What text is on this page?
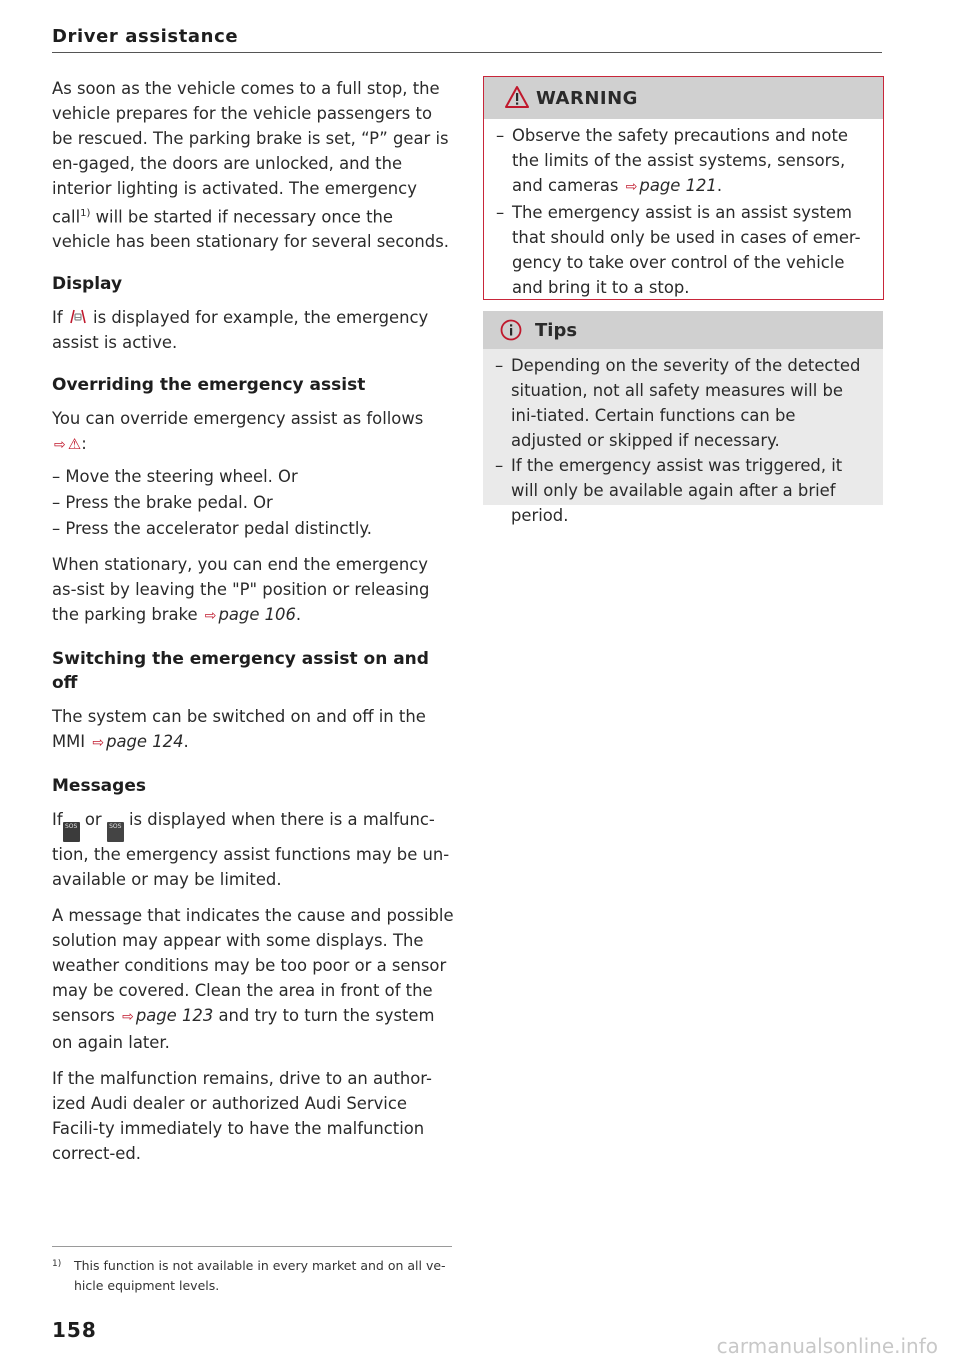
Driver assistance

As soon as the vehicle comes to a full stop, the vehicle prepares for the vehicle passengers to be rescued. The parking brake is set, “P” gear is en-gaged, the doors are unlocked, and the interior lighting is activated. The emergency call$^{1)}$ will be started if necessary once the vehicle has been stationary for several seconds.

Display

If  is displayed for example, the emergency assist is active.

Overriding the emergency assist

You can override emergency assist as follows
⇨ ⚠:

– Move the steering wheel. Or
– Press the brake pedal. Or
– Press the accelerator pedal distinctly.

When stationary, you can end the emergency as-sist by leaving the "P" position or releasing the parking brake ⇨ page 106.

Switching the emergency assist on and off

The system can be switched on and off in the MMI ⇨ page 124.

Messages

If SOS or SOS is displayed when there is a malfunc-tion, the emergency assist functions may be un-available or may be limited.

A message that indicates the cause and possible solution may appear with some displays. The weather conditions may be too poor or a sensor may be covered. Clean the area in front of the sensors ⇨ page 123 and try to turn the system on again later.

If the malfunction remains, drive to an author-ized Audi dealer or authorized Audi Service Facili-ty immediately to have the malfunction correct-ed.

1)	This function is not available in every market and on all ve-hicle equipment levels.
158
WARNING
– Observe the safety precautions and note the limits of the assist systems, sensors, and cameras ⇨ page 121.
– The emergency assist is an assist system that should only be used in cases of emer-gency to take over control of the vehicle and bring it to a stop.
Tips
– Depending on the severity of the detected situation, not all safety measures will be ini-tiated. Certain functions can be adjusted or skipped if necessary.
– If the emergency assist was triggered, it will only be available again after a brief period.
carmanualsonline.info
